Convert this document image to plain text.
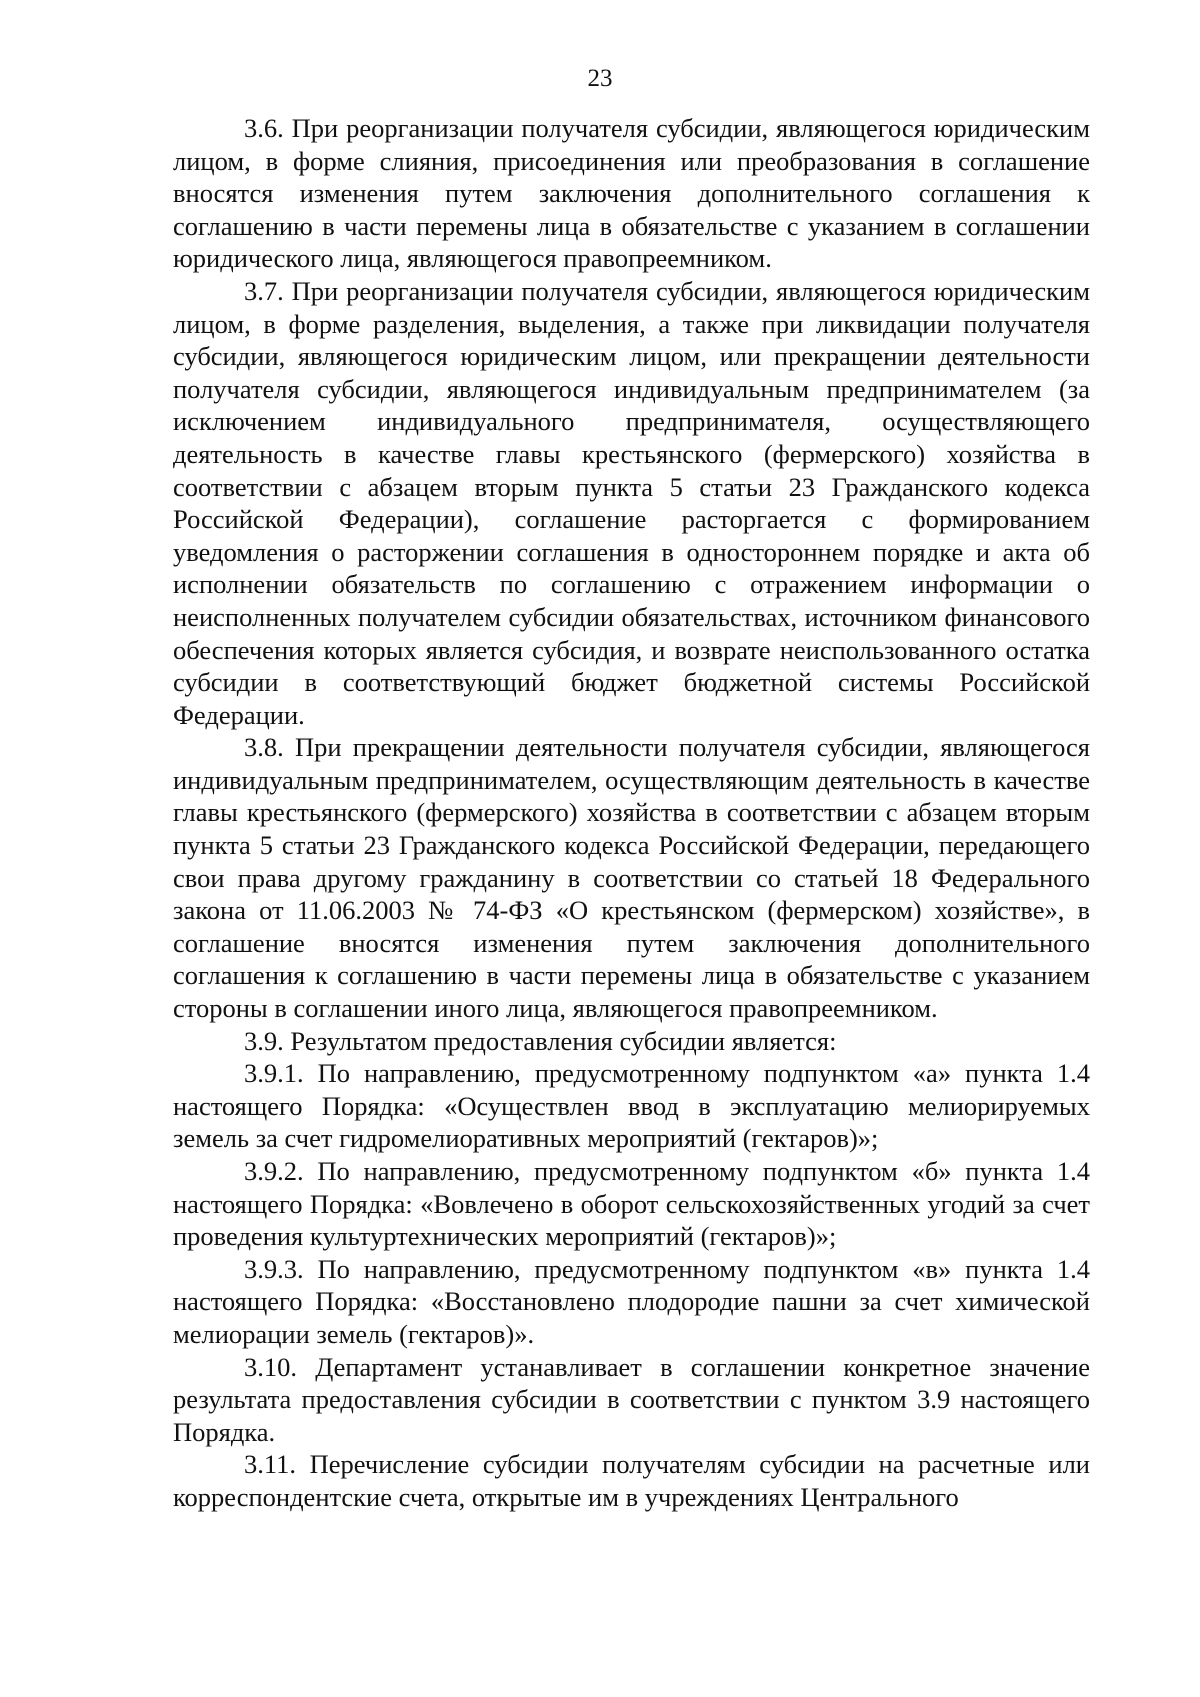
23

3.6. При реорганизации получателя субсидии, являющегося юридическим лицом, в форме слияния, присоединения или преобразования в соглашение вносятся изменения путем заключения дополнительного соглашения к соглашению в части перемены лица в обязательстве с указанием в соглашении юридического лица, являющегося правопреемником.

3.7. При реорганизации получателя субсидии, являющегося юридическим лицом, в форме разделения, выделения, а также при ликвидации получателя субсидии, являющегося юридическим лицом, или прекращении деятельности получателя субсидии, являющегося индивидуальным предпринимателем (за исключением индивидуального предпринимателя, осуществляющего деятельность в качестве главы крестьянского (фермерского) хозяйства в соответствии с абзацем вторым пункта 5 статьи 23 Гражданского кодекса Российской Федерации), соглашение расторгается с формированием уведомления о расторжении соглашения в одностороннем порядке и акта об исполнении обязательств по соглашению с отражением информации о неисполненных получателем субсидии обязательствах, источником финансового обеспечения которых является субсидия, и возврате неиспользованного остатка субсидии в соответствующий бюджет бюджетной системы Российской Федерации.

3.8. При прекращении деятельности получателя субсидии, являющегося индивидуальным предпринимателем, осуществляющим деятельность в качестве главы крестьянского (фермерского) хозяйства в соответствии с абзацем вторым пункта 5 статьи 23 Гражданского кодекса Российской Федерации, передающего свои права другому гражданину в соответствии со статьей 18 Федерального закона от 11.06.2003 № 74-ФЗ «О крестьянском (фермерском) хозяйстве», в соглашение вносятся изменения путем заключения дополнительного соглашения к соглашению в части перемены лица в обязательстве с указанием стороны в соглашении иного лица, являющегося правопреемником.

3.9. Результатом предоставления субсидии является:

3.9.1. По направлению, предусмотренному подпунктом «а» пункта 1.4 настоящего Порядка: «Осуществлен ввод в эксплуатацию мелиорируемых земель за счет гидромелиоративных мероприятий (гектаров)»;

3.9.2. По направлению, предусмотренному подпунктом «б» пункта 1.4 настоящего Порядка: «Вовлечено в оборот сельскохозяйственных угодий за счет проведения культуртехнических мероприятий (гектаров)»;

3.9.3. По направлению, предусмотренному подпунктом «в» пункта 1.4 настоящего Порядка: «Восстановлено плодородие пашни за счет химической мелиорации земель (гектаров)».

3.10. Департамент устанавливает в соглашении конкретное значение результата предоставления субсидии в соответствии с пунктом 3.9 настоящего Порядка.

3.11. Перечисление субсидии получателям субсидии на расчетные или корреспондентские счета, открытые им в учреждениях Центрального
